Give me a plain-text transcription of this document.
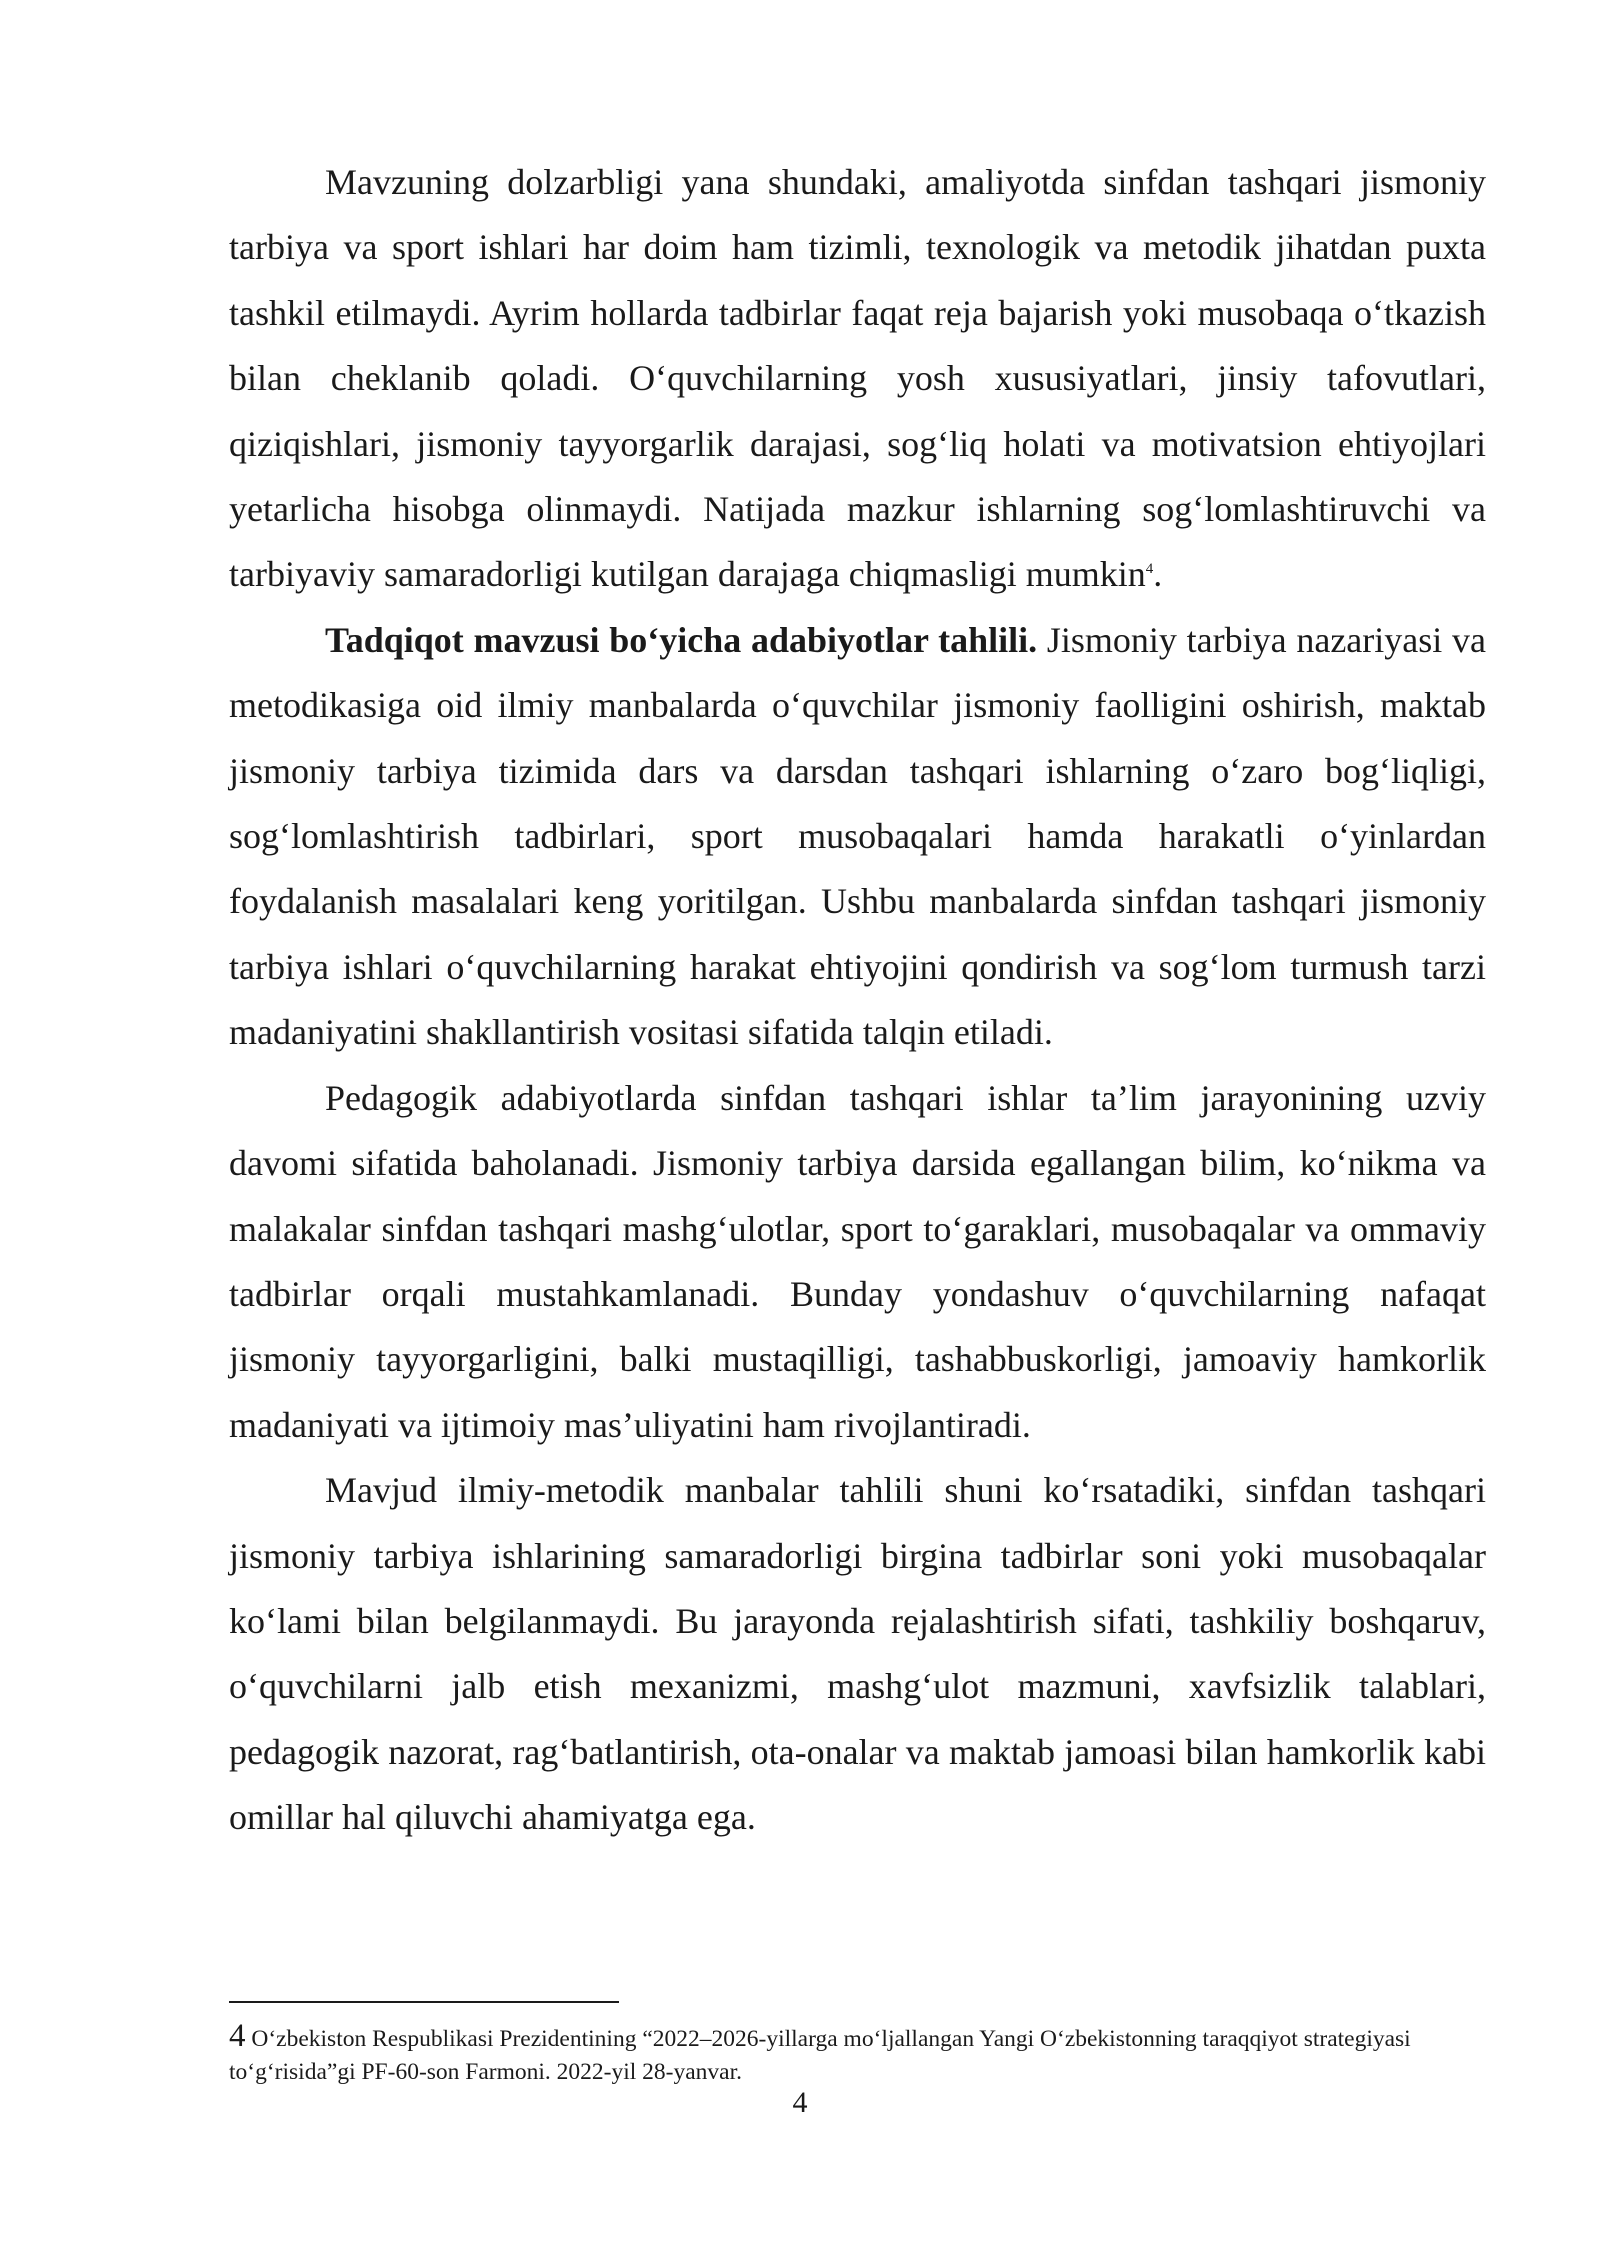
Mavzuning dolzarbligi yana shundaki, amaliyotda sinfdan tashqari jismoniy tarbiya va sport ishlari har doim ham tizimli, texnologik va metodik jihatdan puxta tashkil etilmaydi. Ayrim hollarda tadbirlar faqat reja bajarish yoki musobaqa o‘tkazish bilan cheklanib qoladi. O‘quvchilarning yosh xususiyatlari, jinsiy tafovutlari, qiziqishlari, jismoniy tayyorgarlik darajasi, sog‘liq holati va motivatsion ehtiyojlari yetarlicha hisobga olinmaydi. Natijada mazkur ishlarning sog‘lomlashtiruvchi va tarbiyaviy samaradorligi kutilgan darajaga chiqmasligi mumkin$^4$.

Tadqiqot mavzusi bo‘yicha adabiyotlar tahlili. Jismoniy tarbiya nazariyasi va metodikasiga oid ilmiy manbalarda o‘quvchilar jismoniy faolligini oshirish, maktab jismoniy tarbiya tizimida dars va darsdan tashqari ishlarning o‘zaro bog‘liqligi, sog‘lomlashtirish tadbirlari, sport musobaqalari hamda harakatli o‘yinlardan foydalanish masalalari keng yoritilgan. Ushbu manbalarda sinfdan tashqari jismoniy tarbiya ishlari o‘quvchilarning harakat ehtiyojini qondirish va sog‘lom turmush tarzi madaniyatini shakllantirish vositasi sifatida talqin etiladi.

Pedagogik adabiyotlarda sinfdan tashqari ishlar ta’lim jarayonining uzviy davomi sifatida baholanadi. Jismoniy tarbiya darsida egallangan bilim, ko‘nikma va malakalar sinfdan tashqari mashg‘ulotlar, sport to‘garaklari, musobaqalar va ommaviy tadbirlar orqali mustahkamlanadi. Bunday yondashuv o‘quvchilarning nafaqat jismoniy tayyorgarligini, balki mustaqilligi, tashabbuskorligi, jamoaviy hamkorlik madaniyati va ijtimoiy mas’uliyatini ham rivojlantiradi.

Mavjud ilmiy-metodik manbalar tahlili shuni ko‘rsatadiki, sinfdan tashqari jismoniy tarbiya ishlarining samaradorligi birgina tadbirlar soni yoki musobaqalar ko‘lami bilan belgilanmaydi. Bu jarayonda rejalashtirish sifati, tashkiliy boshqaruv, o‘quvchilarni jalb etish mexanizmi, mashg‘ulot mazmuni, xavfsizlik talablari, pedagogik nazorat, rag‘batlantirish, ota-onalar va maktab jamoasi bilan hamkorlik kabi omillar hal qiluvchi ahamiyatga ega.

4 O‘zbekiston Respublikasi Prezidentining “2022–2026-yillarga mo‘ljallangan Yangi O‘zbekistonning taraqqiyot strategiyasi to‘g‘risida”gi PF-60-son Farmoni. 2022-yil 28-yanvar.
4
